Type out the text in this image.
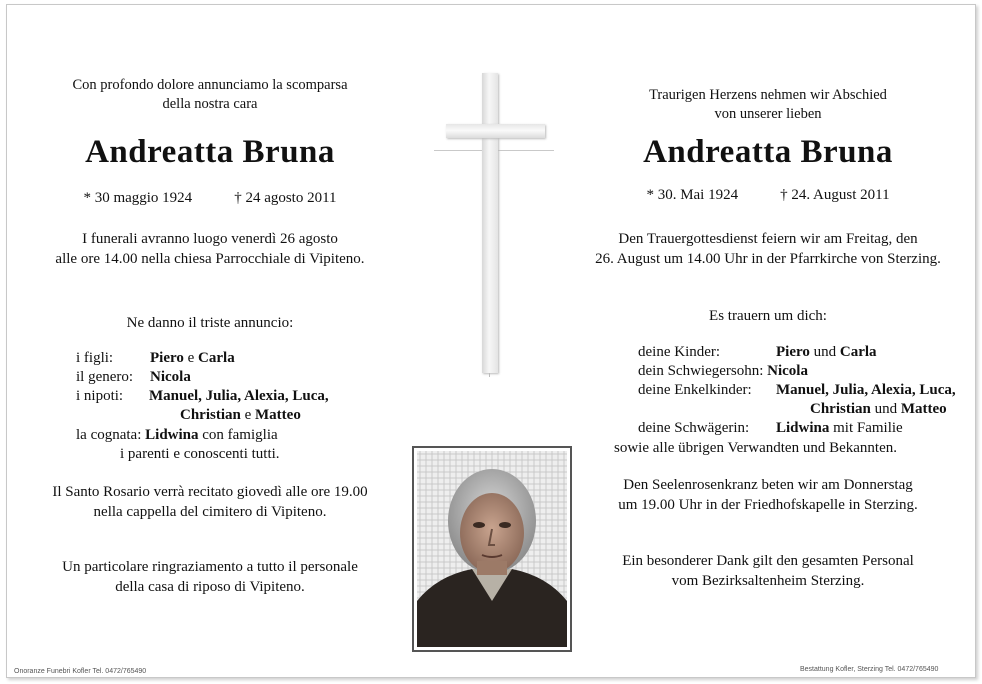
Con profondo dolore annunciamo la scomparsa
della nostra cara
Andreatta Bruna
* 30 maggio 1924	† 24 agosto 2011
I funerali avranno luogo venerdì 26 agosto
alle ore 14.00 nella chiesa Parrocchiale di Vipiteno.
Ne danno il triste annuncio:
i figli: Piero e Carla
il genero: Nicola
i nipoti: Manuel, Julia, Alexia, Luca,
Christian e Matteo
la cognata: Lidwina con famiglia
i parenti e conoscenti tutti.
Il Santo Rosario verrà recitato giovedì alle ore 19.00
nella cappella del cimitero di Vipiteno.
Un particolare ringraziamento a tutto il personale
della casa di riposo di Vipiteno.
Onoranze Funebri Kofler Tel. 0472/765490
Traurigen Herzens nehmen wir Abschied
von unserer lieben
Andreatta Bruna
* 30. Mai 1924	† 24. August 2011
Den Trauergottesdienst feiern wir am Freitag, den
26. August um 14.00 Uhr in der Pfarrkirche von Sterzing.
Es trauern um dich:
deine Kinder:	Piero und Carla
dein Schwiegersohn: Nicola
deine Enkelkinder: Manuel, Julia, Alexia, Luca,
Christian und Matteo
deine Schwägerin: Lidwina mit Familie
sowie alle übrigen Verwandten und Bekannten.
Den Seelenrosenkranz beten wir am Donnerstag
um 19.00 Uhr in der Friedhofskapelle in Sterzing.
Ein besonderer Dank gilt den gesamten Personal
vom Bezirksaltenheim Sterzing.
Bestattung Kofler, Sterzing Tel. 0472/765490
